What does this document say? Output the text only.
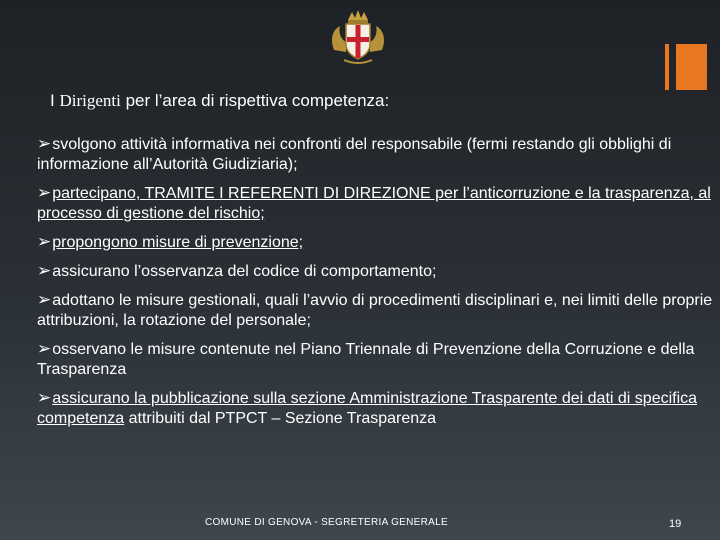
I Dirigenti per l’area di rispettiva competenza:
➢svolgono attività informativa nei confronti del responsabile (fermi restando gli obblighi di informazione all’Autorità Giudiziaria);
➢partecipano, TRAMITE I REFERENTI DI DIREZIONE per l’anticorruzione e la trasparenza, al processo di gestione del rischio;
➢propongono misure di prevenzione;
➢assicurano l’osservanza del codice di comportamento;
➢adottano le misure gestionali, quali l’avvio di procedimenti disciplinari e, nei limiti delle proprie attribuzioni, la rotazione del personale;
➢osservano le misure contenute nel Piano Triennale di Prevenzione della Corruzione e della Trasparenza
➢assicurano la pubblicazione sulla sezione Amministrazione Trasparente dei dati di specifica competenza attribuiti dal PTPCT – Sezione Trasparenza
COMUNE DI GENOVA - SEGRETERIA GENERALE	19
